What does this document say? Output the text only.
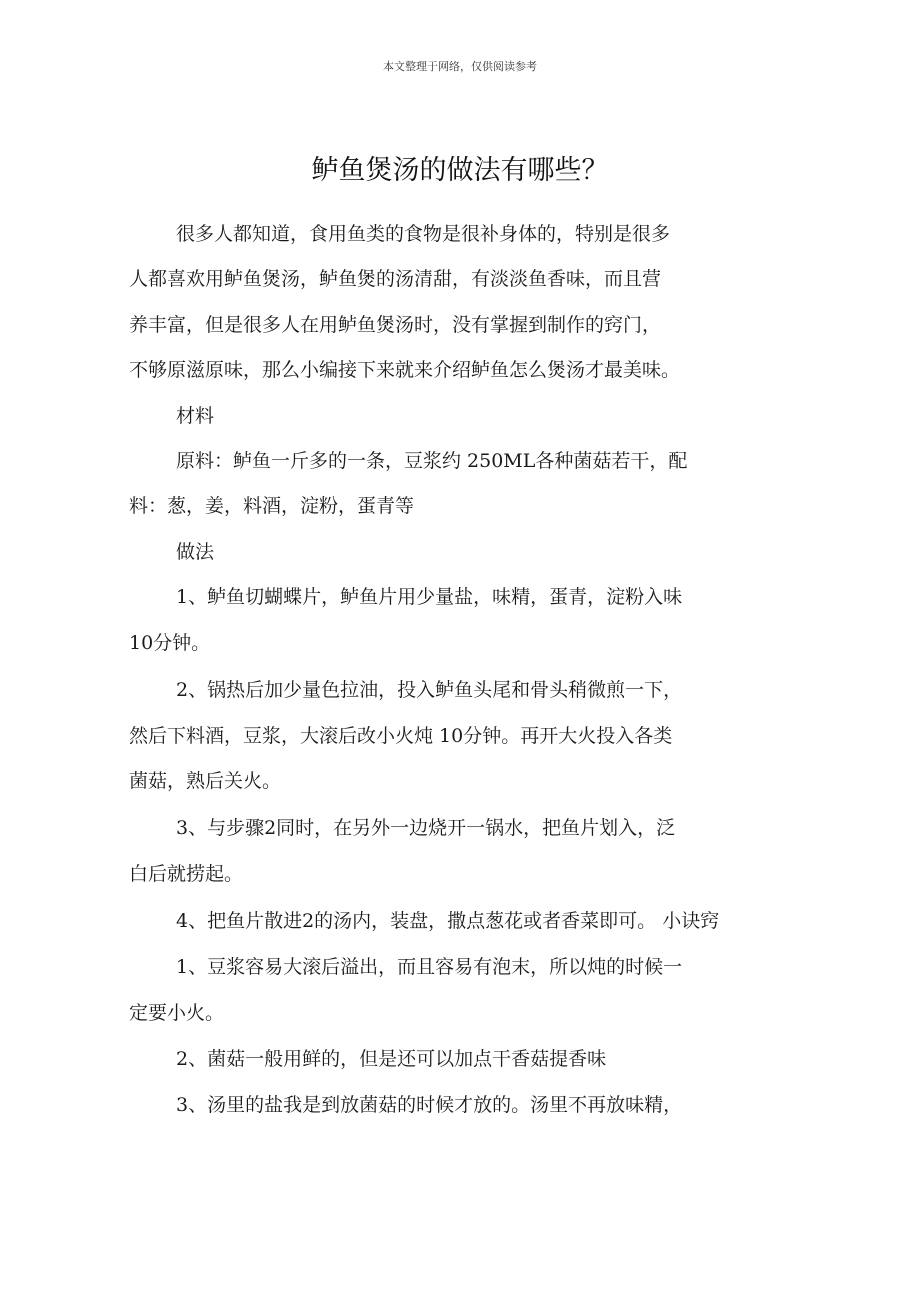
本文整理于网络，仅供阅读参考
鲈鱼煲汤的做法有哪些？
很多人都知道，食用鱼类的食物是很补身体的，特别是很多
人都喜欢用鲈鱼煲汤，鲈鱼煲的汤清甜，有淡淡鱼香味，而且营
养丰富，但是很多人在用鲈鱼煲汤时，没有掌握到制作的窍门，
不够原滋原味，那么小编接下来就来介绍鲈鱼怎么煲汤才最美味。
材料
原料：鲈鱼一斤多的一条，豆浆约 250ML各种菌菇若干，配
料：葱，姜，料酒，淀粉，蛋青等
做法
1、鲈鱼切蝴蝶片，鲈鱼片用少量盐，味精，蛋青，淀粉入味
10分钟。
2、锅热后加少量色拉油，投入鲈鱼头尾和骨头稍微煎一下，
然后下料酒，豆浆，大滚后改小火炖 10分钟。再开大火投入各类
菌菇，熟后关火。
3、与步骤2同时，在另外一边烧开一锅水，把鱼片划入，泛
白后就捞起。
4、把鱼片散进2的汤内，装盘，撒点葱花或者香菜即可。 小诀窍
1、豆浆容易大滚后溢出，而且容易有泡末，所以炖的时候一
定要小火。
2、菌菇一般用鲜的，但是还可以加点干香菇提香味
3、汤里的盐我是到放菌菇的时候才放的。汤里不再放味精，
